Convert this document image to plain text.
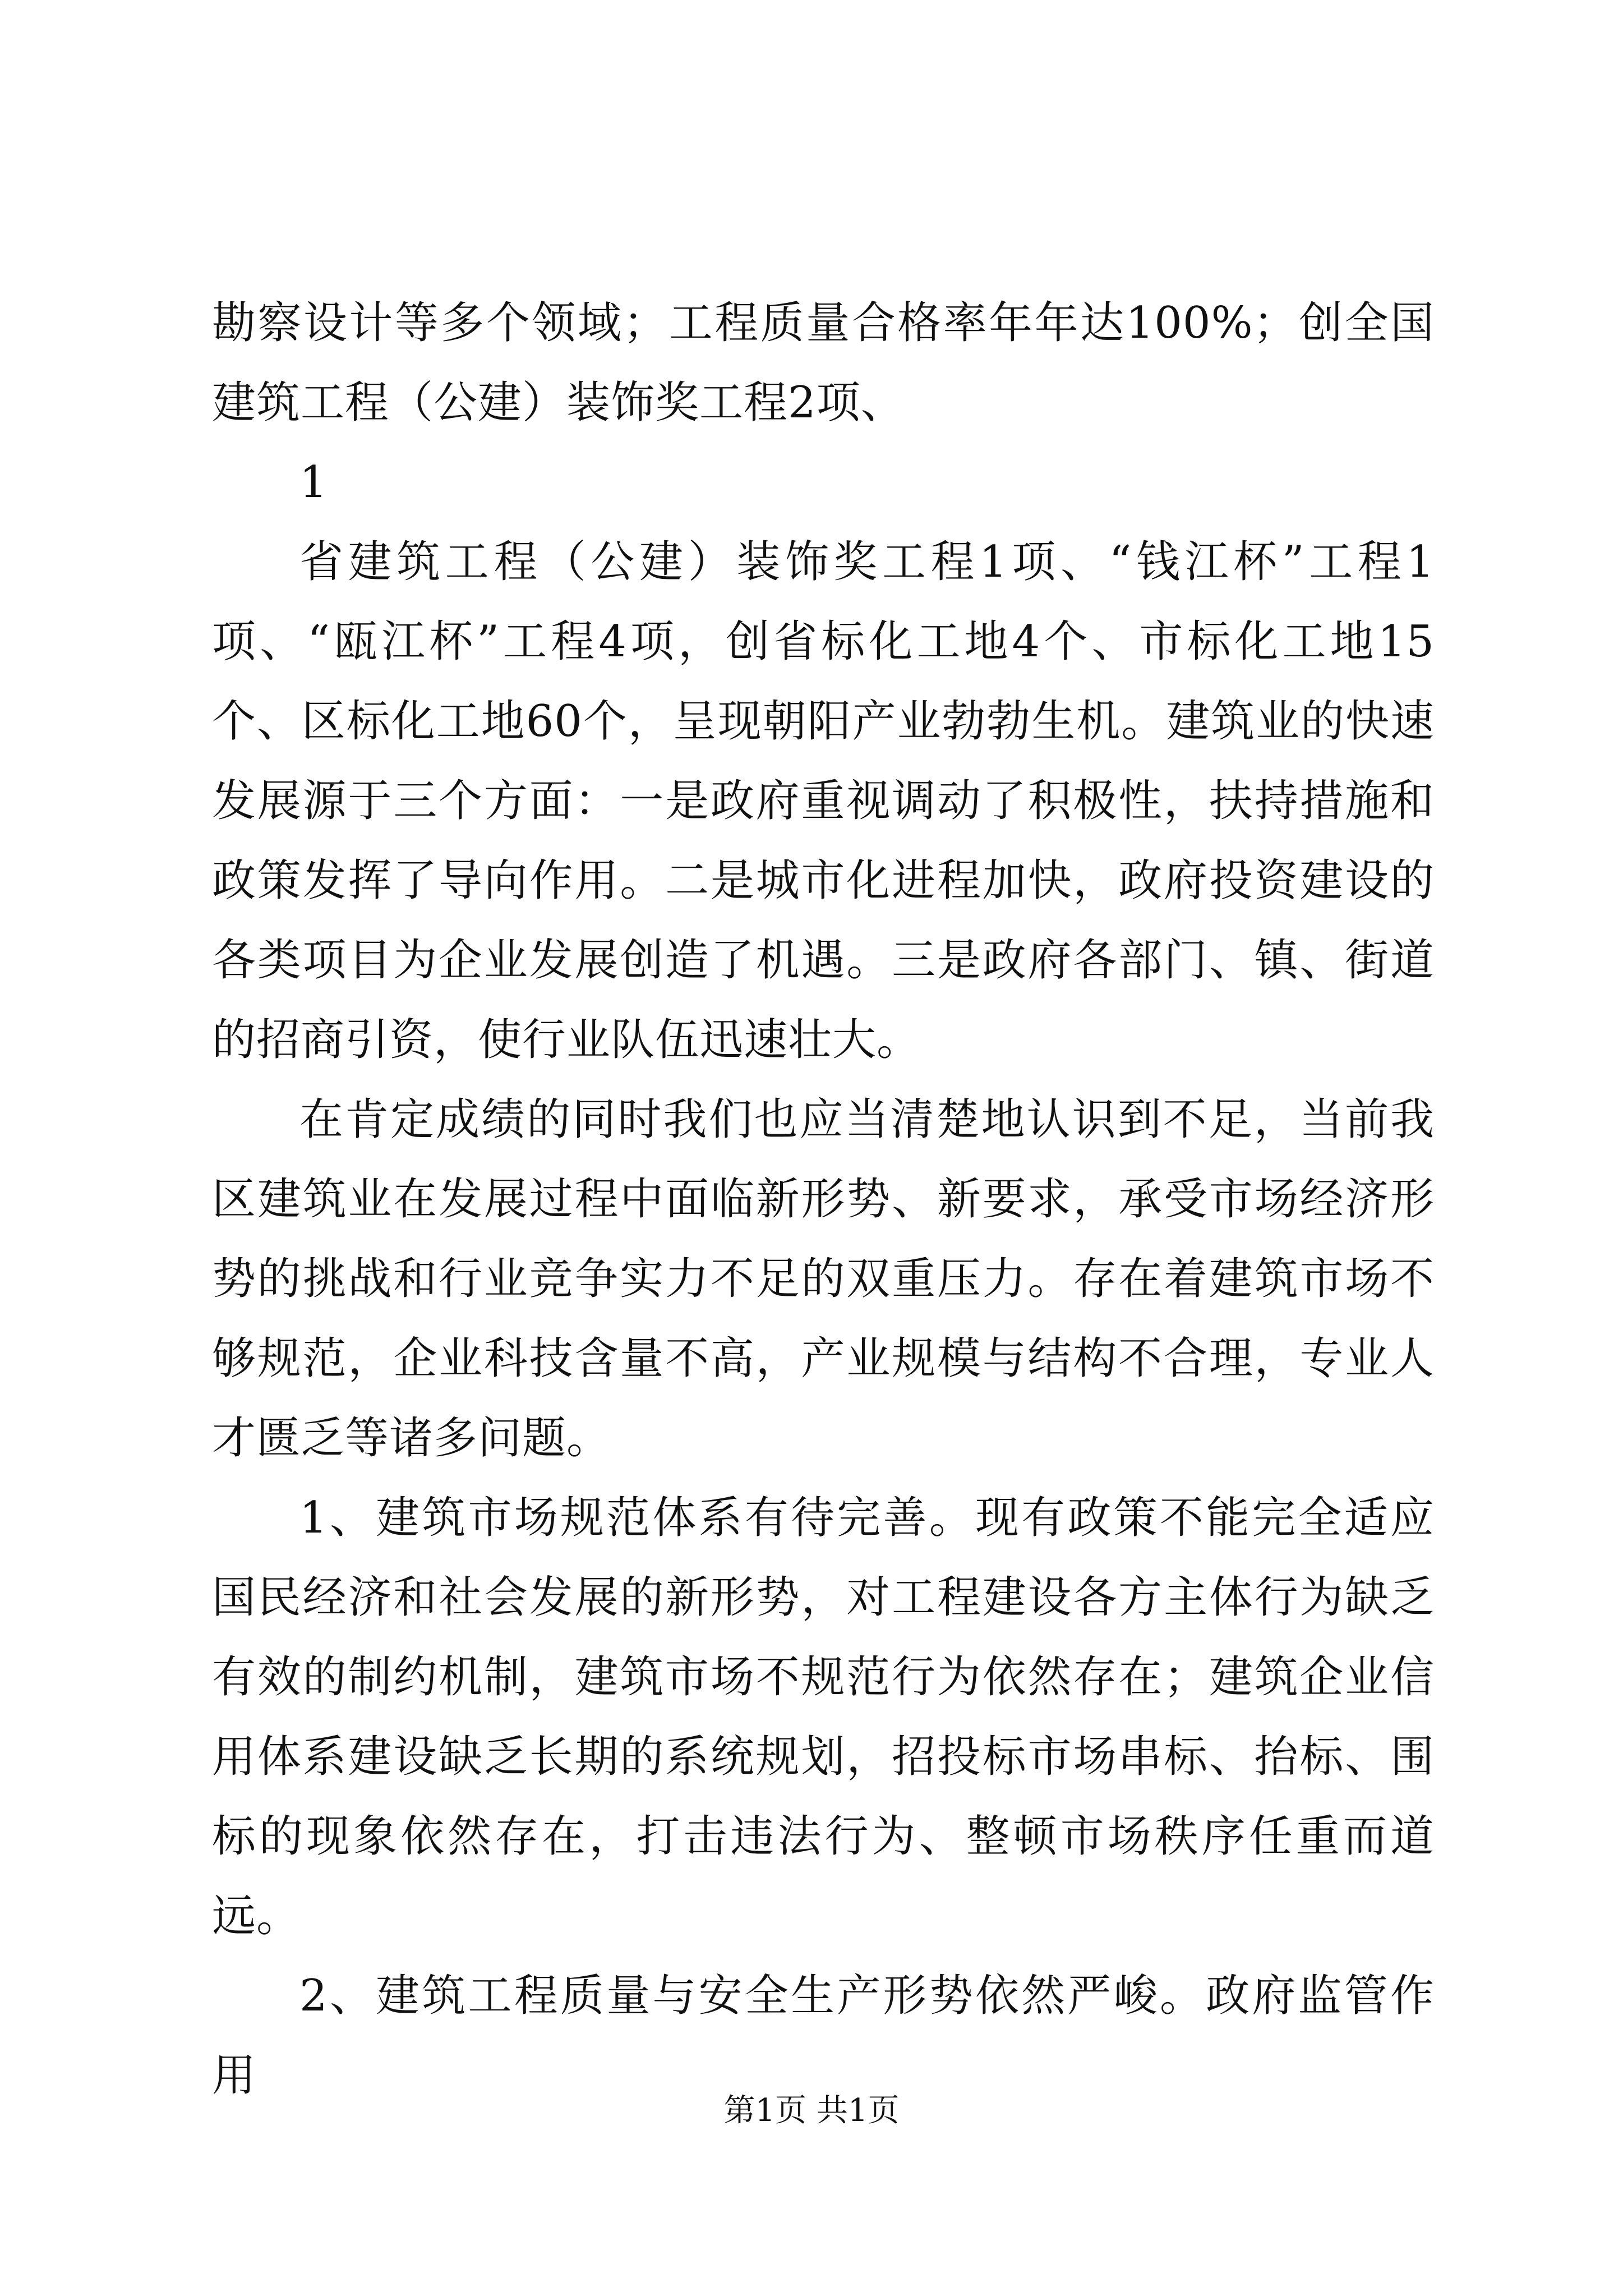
勘察设计等多个领域；工程质量合格率年年达100%；创全国建筑工程（公建）装饰奖工程2项、

1

省建筑工程（公建）装饰奖工程1项、“钱江杯”工程1项、“瓯江杯”工程4项，创省标化工地4个、市标化工地15个、区标化工地60个，呈现朝阳产业勃勃生机。建筑业的快速发展源于三个方面：一是政府重视调动了积极性，扶持措施和政策发挥了导向作用。二是城市化进程加快，政府投资建设的各类项目为企业发展创造了机遇。三是政府各部门、镇、街道的招商引资，使行业队伍迅速壮大。

在肯定成绩的同时我们也应当清楚地认识到不足，当前我区建筑业在发展过程中面临新形势、新要求，承受市场经济形势的挑战和行业竞争实力不足的双重压力。存在着建筑市场不够规范，企业科技含量不高，产业规模与结构不合理，专业人才匮乏等诸多问题。

1、建筑市场规范体系有待完善。现有政策不能完全适应国民经济和社会发展的新形势，对工程建设各方主体行为缺乏有效的制约机制，建筑市场不规范行为依然存在；建筑企业信用体系建设缺乏长期的系统规划，招投标市场串标、抬标、围标的现象依然存在，打击违法行为、整顿市场秩序任重而道远。

2、建筑工程质量与安全生产形势依然严峻。政府监管作用

第1页 共1页
